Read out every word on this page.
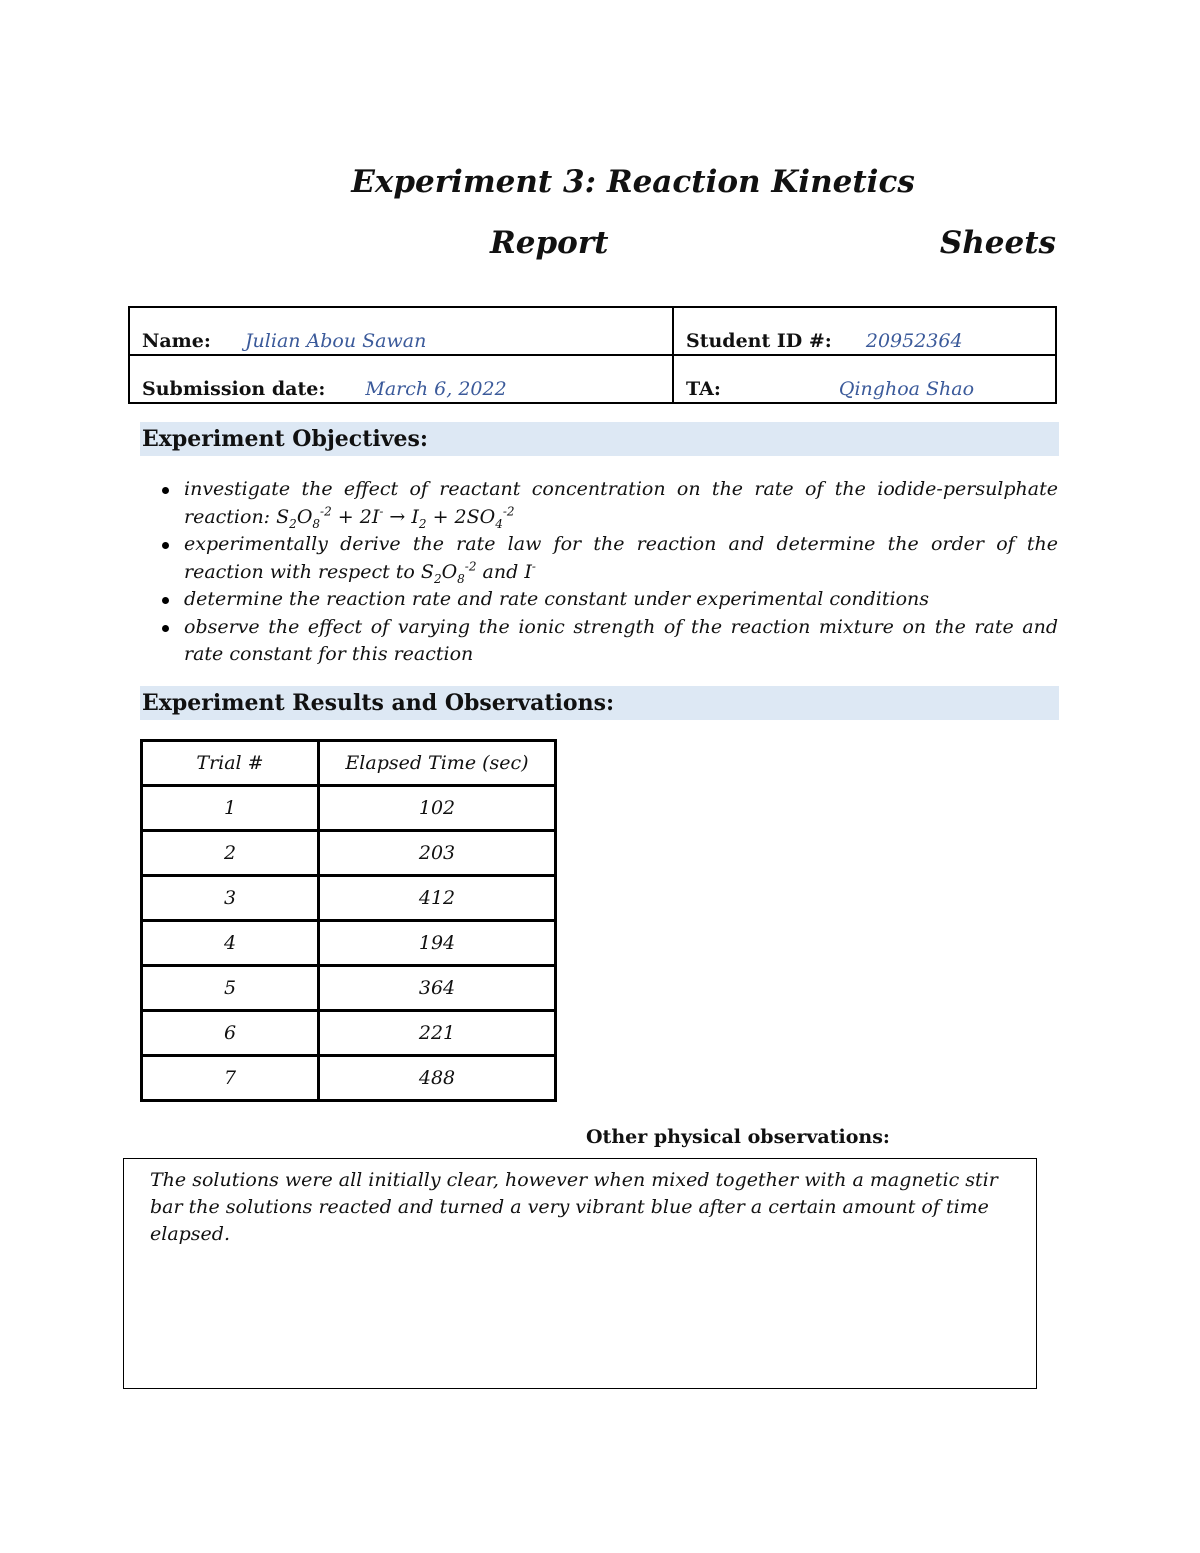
Experiment 3: Reaction Kinetics
Report	Sheets
Name: Julian Abou Sawan	Student ID #: 20952364
Submission date: March 6, 2022	TA: Qinghoa Shao
Experiment Objectives:
investigate the effect of reactant concentration on the rate of the iodide-persulphate reaction: $S_2O_8^{-2} + 2I^- \to I_2 + 2SO_4^{-2}$
experimentally derive the rate law for the reaction and determine the order of the reaction with respect to $S_2O_8^{-2}$ and I-
determine the reaction rate and rate constant under experimental conditions
observe the effect of varying the ionic strength of the reaction mixture on the rate and rate constant for this reaction
Experiment Results and Observations:
Trial #	Elapsed Time (sec)
1	102
2	203
3	412
4	194
5	364
6	221
7	488
Other physical observations:
The solutions were all initially clear, however when mixed together with a magnetic stir bar the solutions reacted and turned a very vibrant blue after a certain amount of time elapsed.
